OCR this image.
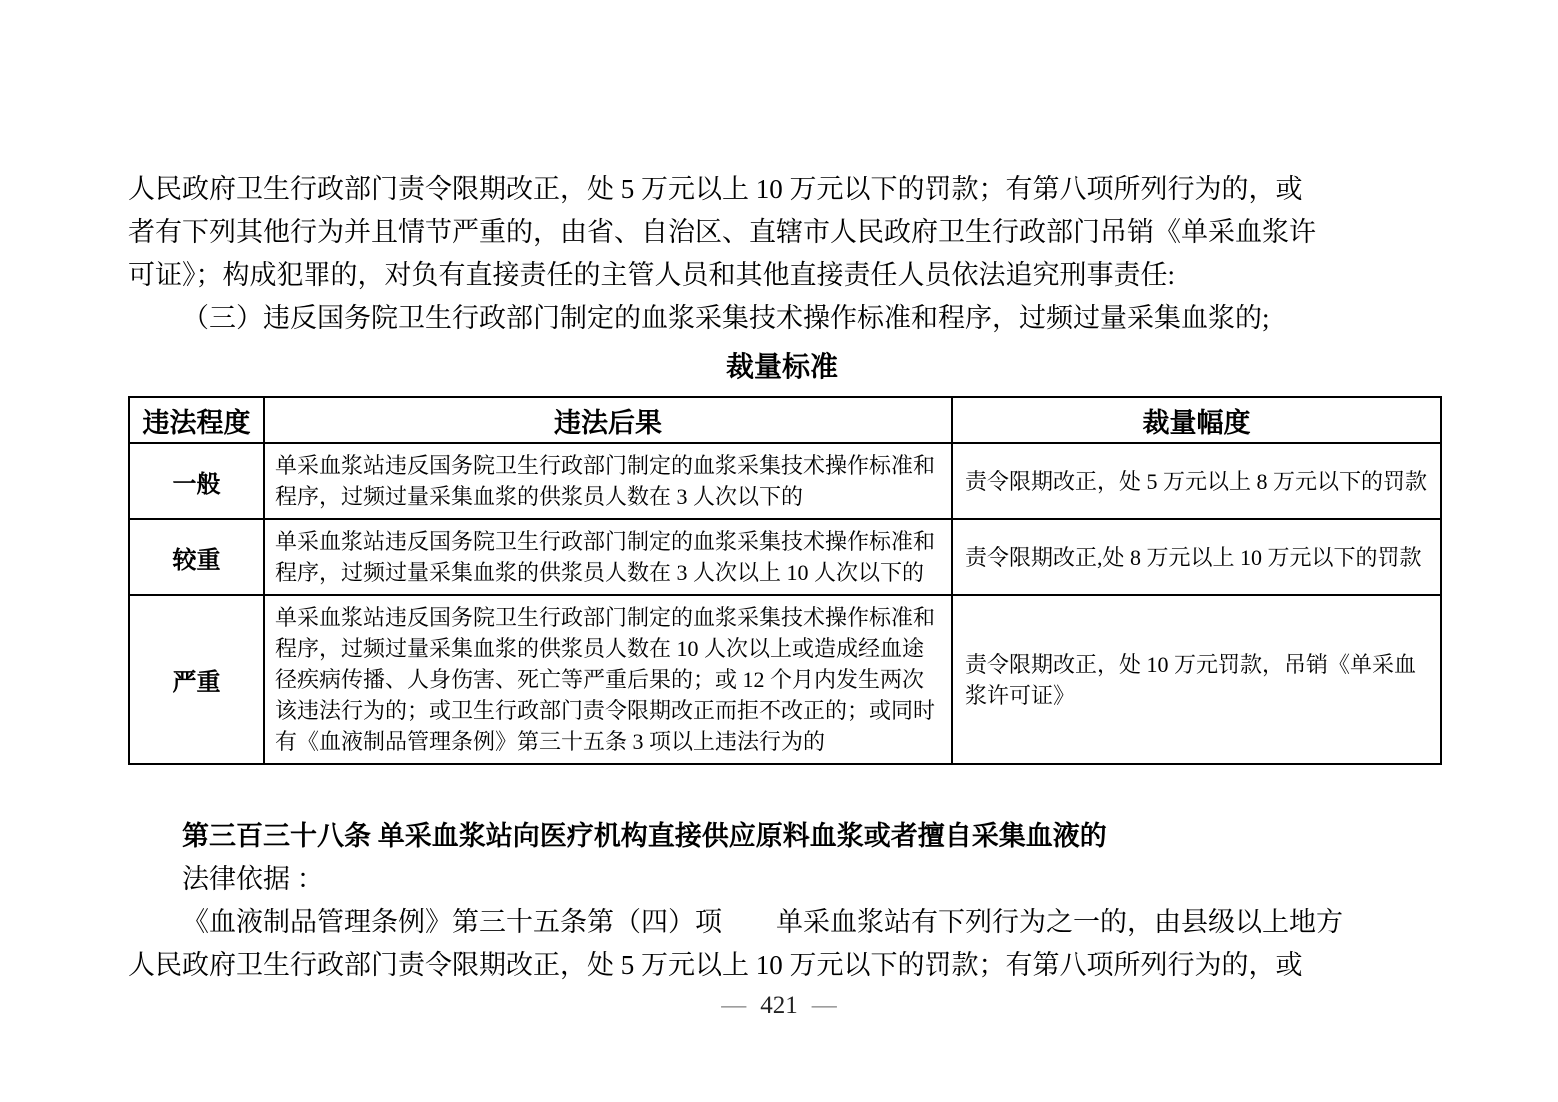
人民政府卫生行政部门责令限期改正，处 5 万元以上 10 万元以下的罚款；有第八项所列行为的，或
者有下列其他行为并且情节严重的，由省、自治区、直辖市人民政府卫生行政部门吊销《单采血浆许
可证》；构成犯罪的，对负有直接责任的主管人员和其他直接责任人员依法追究刑事责任:
（三）违反国务院卫生行政部门制定的血浆采集技术操作标准和程序，过频过量采集血浆的;
裁量标准
违法程度	违法后果	裁量幅度
一般	单采血浆站违反国务院卫生行政部门制定的血浆采集技术操作标准和程序，过频过量采集血浆的供浆员人数在 3 人次以下的	责令限期改正，处 5 万元以上 8 万元以下的罚款
较重	单采血浆站违反国务院卫生行政部门制定的血浆采集技术操作标准和程序，过频过量采集血浆的供浆员人数在 3 人次以上 10 人次以下的	责令限期改正,处 8 万元以上 10 万元以下的罚款
严重	单采血浆站违反国务院卫生行政部门制定的血浆采集技术操作标准和程序，过频过量采集血浆的供浆员人数在 10 人次以上或造成经血途径疾病传播、人身伤害、死亡等严重后果的；或 12 个月内发生两次该违法行为的；或卫生行政部门责令限期改正而拒不改正的；或同时有《血液制品管理条例》第三十五条 3 项以上违法行为的	责令限期改正，处 10 万元罚款，吊销《单采血浆许可证》
第三百三十八条 单采血浆站向医疗机构直接供应原料血浆或者擅自采集血液的
法律依据 ：
《血液制品管理条例》第三十五条第（四）项　　单采血浆站有下列行为之一的，由县级以上地方
人民政府卫生行政部门责令限期改正，处 5 万元以上 10 万元以下的罚款；有第八项所列行为的，或
— 421 —
